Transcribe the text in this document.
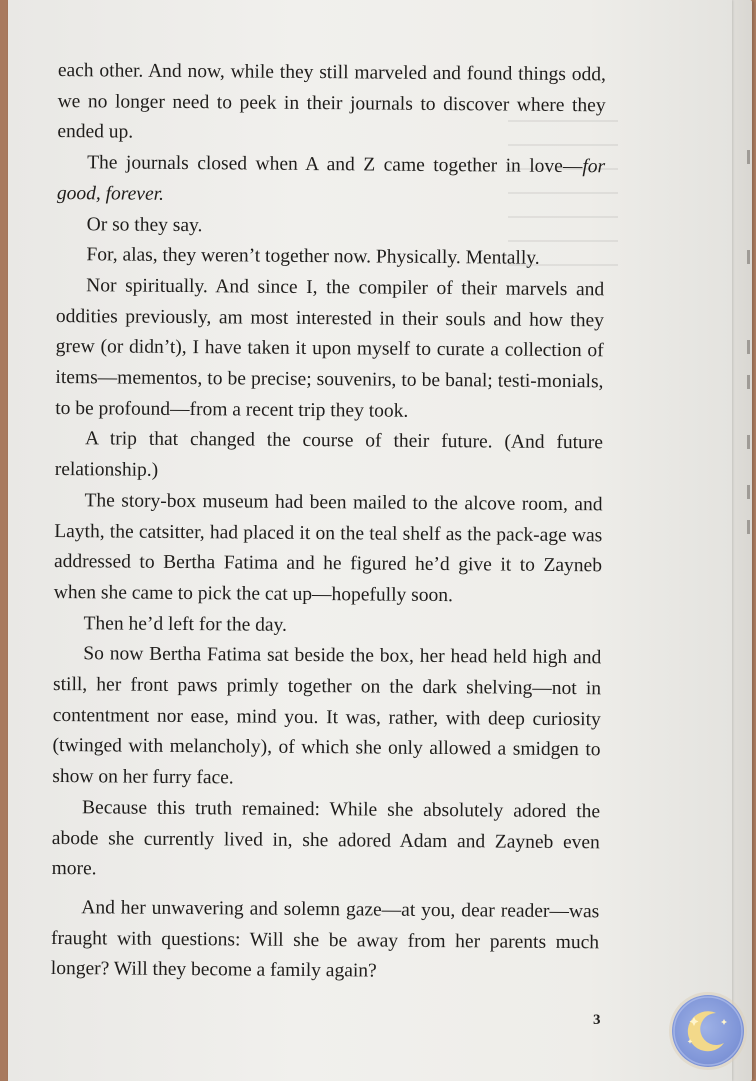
each other. And now, while they still marveled and found things odd, we no longer need to peek in their journals to discover where they ended up.

The journals closed when A and Z came together in love—for good, forever.

Or so they say.

For, alas, they weren’t together now. Physically. Mentally.

Nor spiritually. And since I, the compiler of their marvels and oddities previously, am most interested in their souls and how they grew (or didn’t), I have taken it upon myself to curate a collection of items—mementos, to be precise; souvenirs, to be banal; testi-monials, to be profound—from a recent trip they took.

A trip that changed the course of their future. (And future relationship.)

The story-box museum had been mailed to the alcove room, and Layth, the catsitter, had placed it on the teal shelf as the pack-age was addressed to Bertha Fatima and he figured he’d give it to Zayneb when she came to pick the cat up—hopefully soon.

Then he’d left for the day.

So now Bertha Fatima sat beside the box, her head held high and still, her front paws primly together on the dark shelving—not in contentment nor ease, mind you. It was, rather, with deep curiosity (twinged with melancholy), of which she only allowed a smidgen to show on her furry face.

Because this truth remained: While she absolutely adored the abode she currently lived in, she adored Adam and Zayneb even more.

And her unwavering and solemn gaze—at you, dear reader—was fraught with questions: Will she be away from her parents much longer? Will they become a family again?

3
